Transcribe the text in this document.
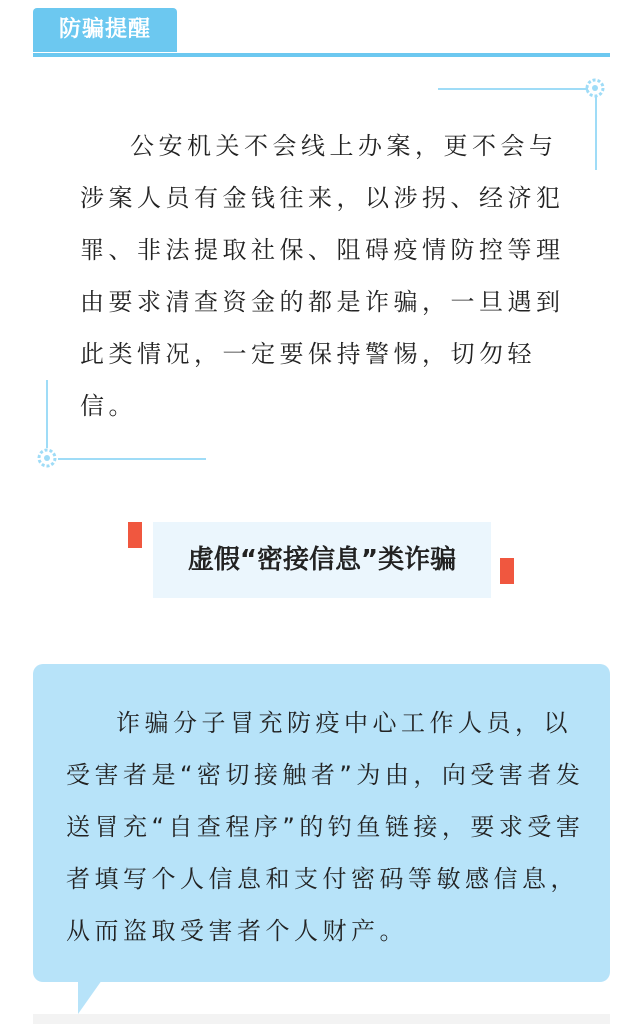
防骗提醒

公安机关不会线上办案，更不会与涉案人员有金钱往来，以涉拐、经济犯罪、非法提取社保、阻碍疫情防控等理由要求清查资金的都是诈骗，一旦遇到此类情况，一定要保持警惕，切勿轻信。

虚假“密接信息”类诈骗

诈骗分子冒充防疫中心工作人员，以受害者是“密切接触者”为由，向受害者发送冒充“自查程序”的钓鱼链接，要求受害者填写个人信息和支付密码等敏感信息，从而盗取受害者个人财产。
